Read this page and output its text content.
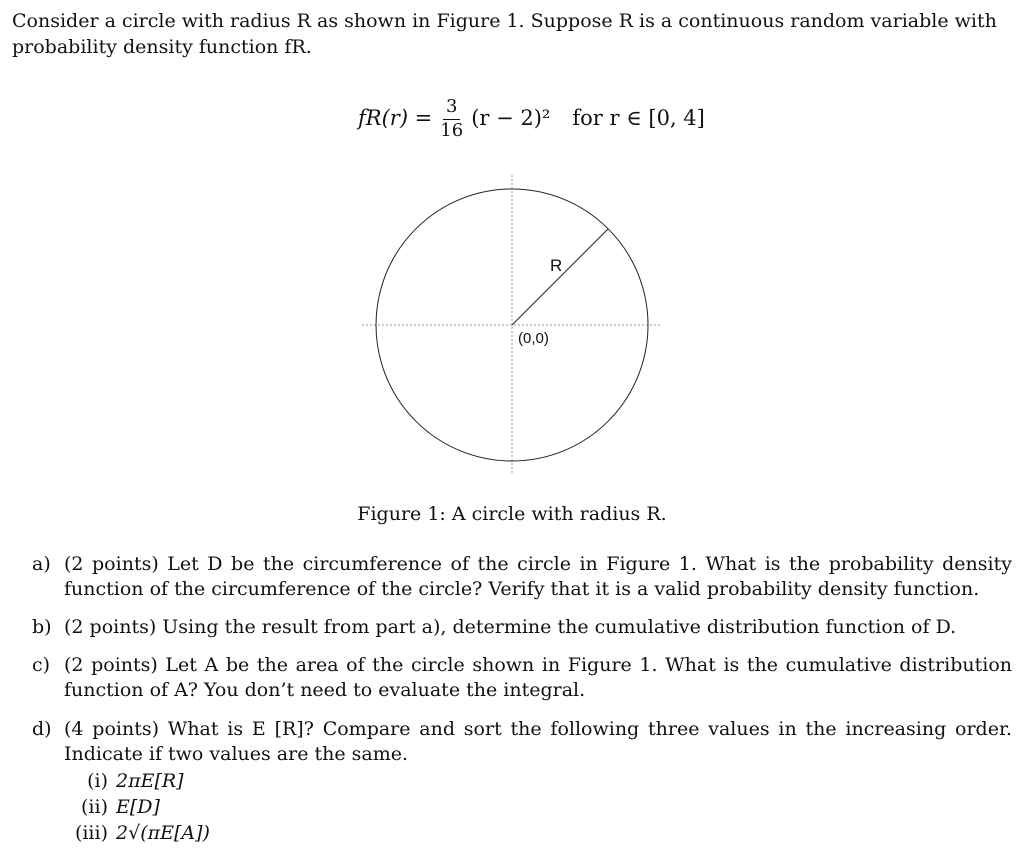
Consider a circle with radius R as shown in Figure 1. Suppose R is a continuous random variable with
probability density function fR.
$fR(r) = \frac{3}{16} (r - 2)^2$ for r ∈ [0, 4]
R
(0,0)
Figure 1: A circle with radius R.
a) (2 points) Let D be the circumference of the circle in Figure 1. What is the probability density function of the circumference of the circle? Verify that it is a valid probability density function.
b) (2 points) Using the result from part a), determine the cumulative distribution function of D.
c) (2 points) Let A be the area of the circle shown in Figure 1. What is the cumulative distribution function of A? You don’t need to evaluate the integral.
d) (4 points) What is E [R]? Compare and sort the following three values in the increasing order. Indicate if two values are the same.
(i) 2πE[R]
(ii) E[D]
(iii) 2√(πE[A])
